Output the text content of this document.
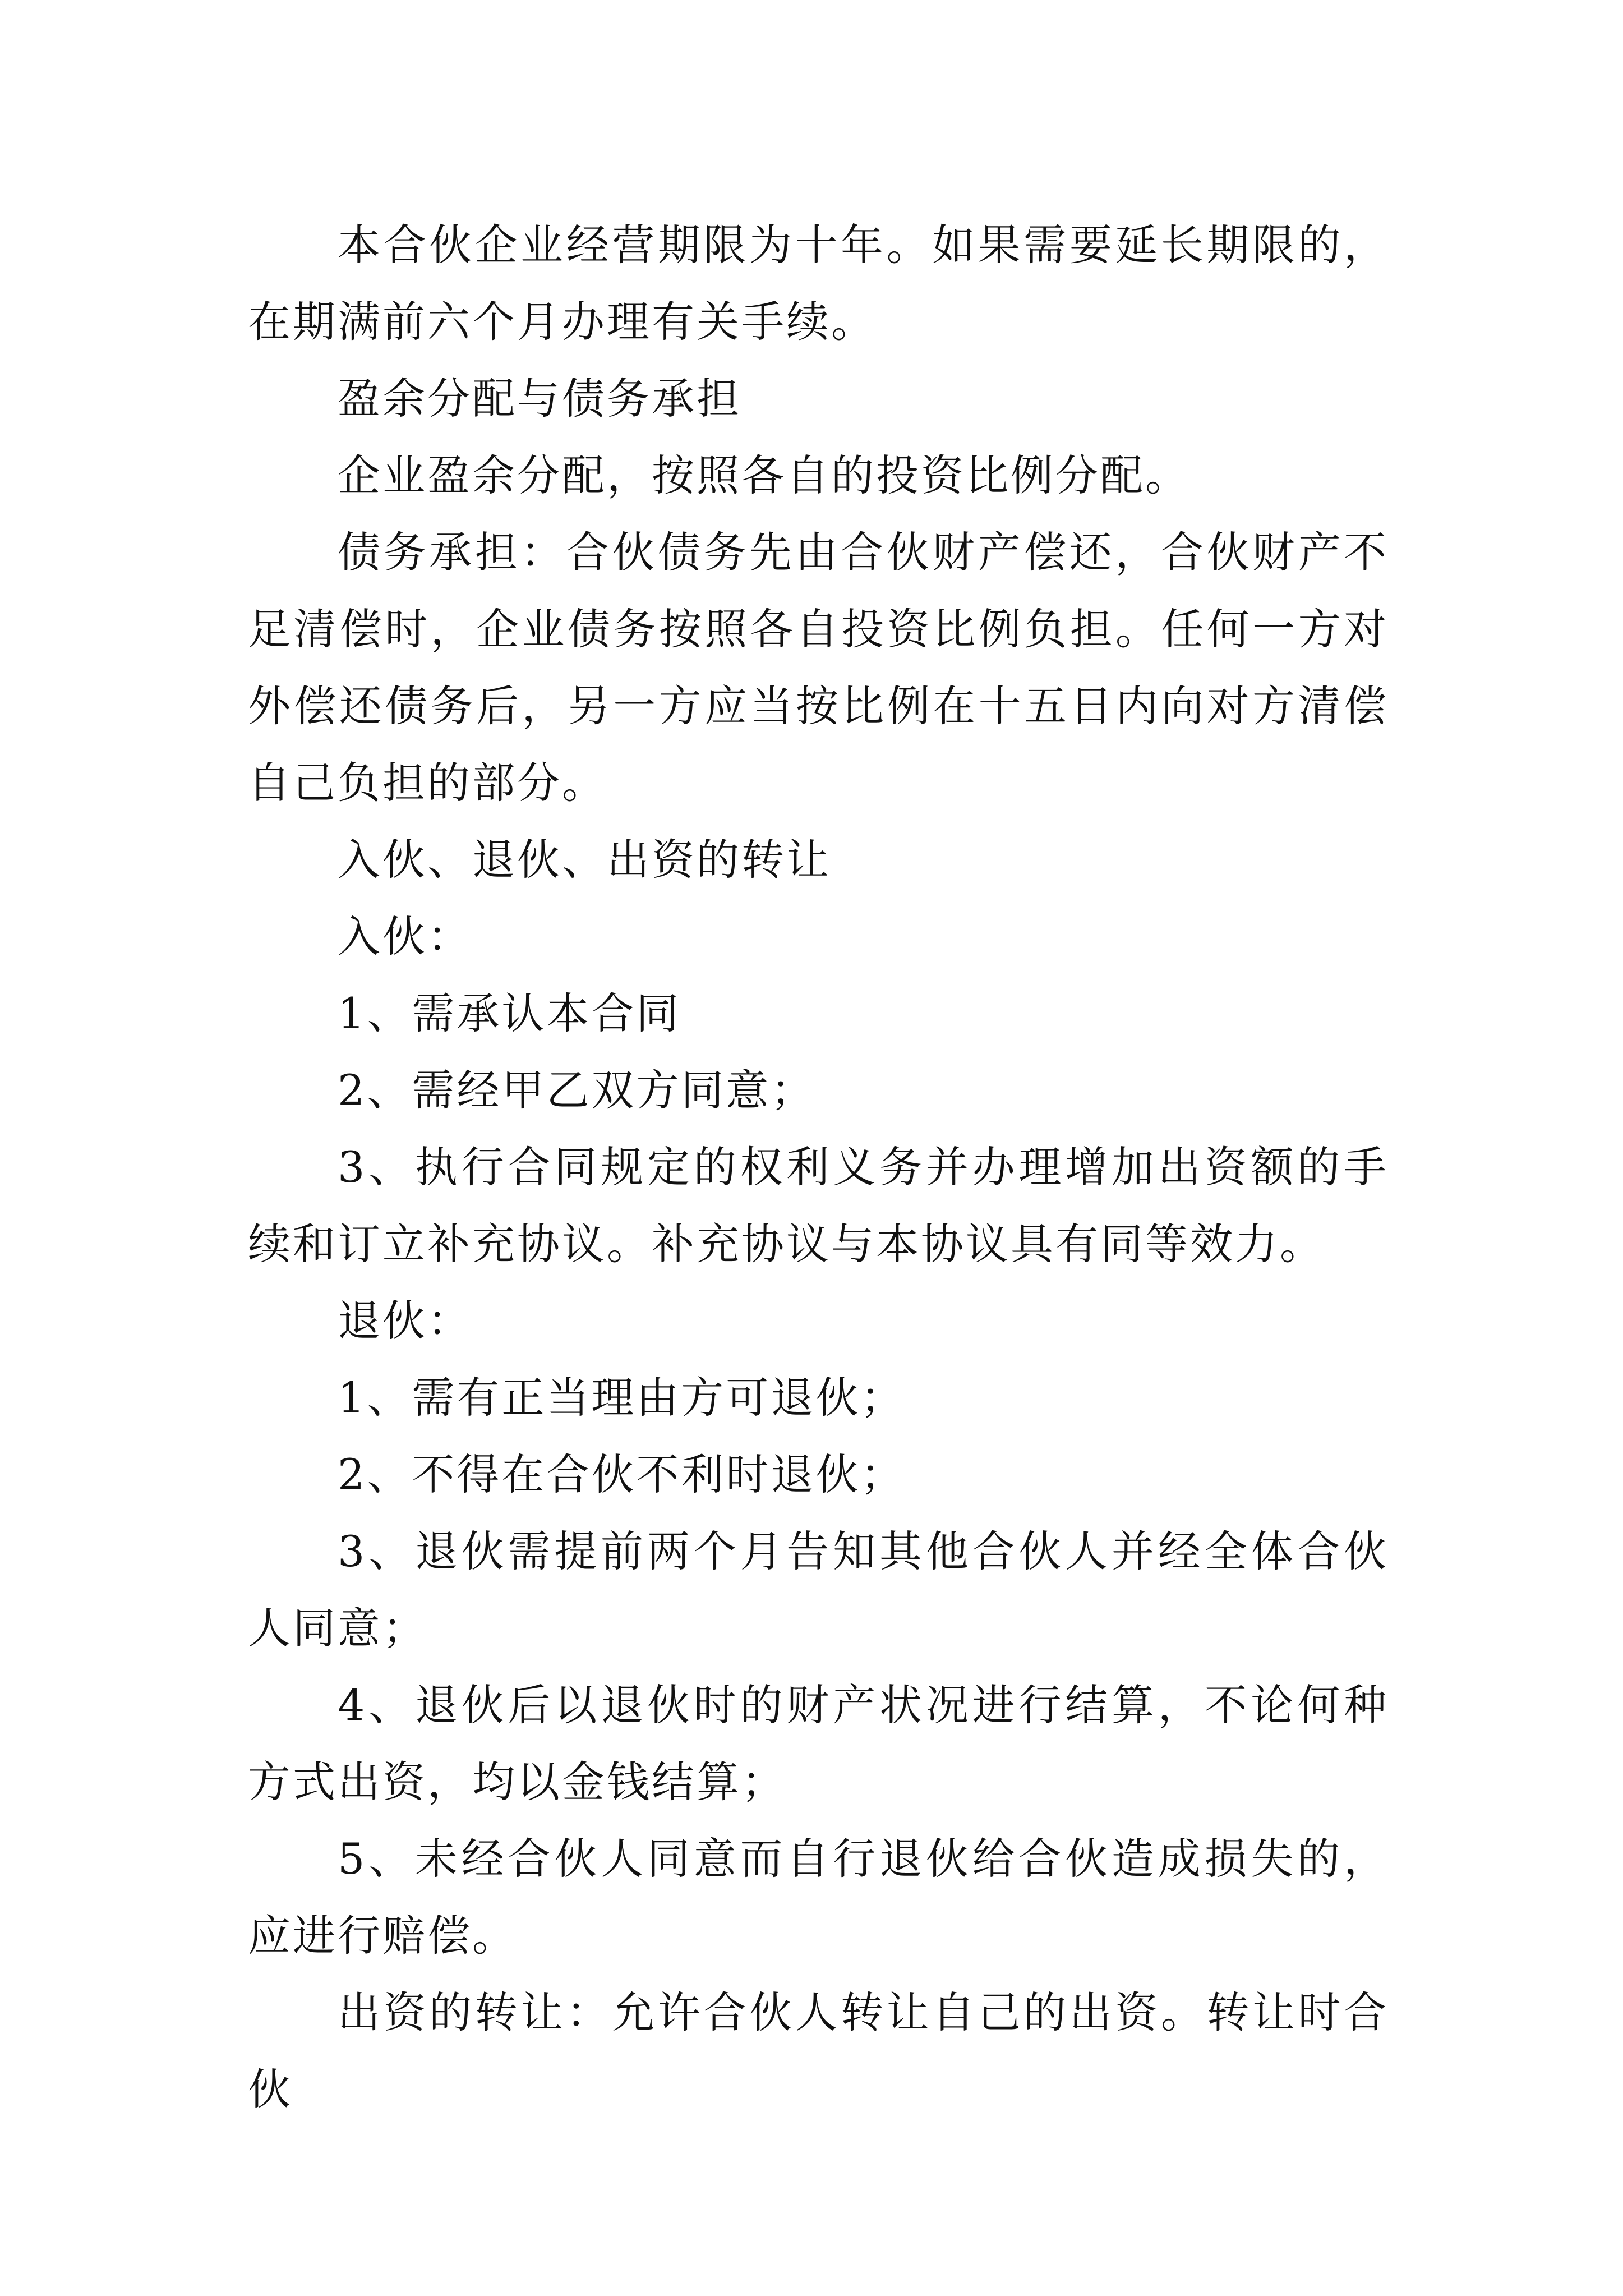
本合伙企业经营期限为十年。如果需要延长期限的，在期满前六个月办理有关手续。

盈余分配与债务承担

企业盈余分配，按照各自的投资比例分配。

债务承担：合伙债务先由合伙财产偿还，合伙财产不足清偿时，企业债务按照各自投资比例负担。任何一方对外偿还债务后，另一方应当按比例在十五日内向对方清偿自己负担的部分。

入伙、退伙、出资的转让

入伙：

1、需承认本合同

2、需经甲乙双方同意；

3、执行合同规定的权利义务并办理增加出资额的手续和订立补充协议。补充协议与本协议具有同等效力。

退伙：

1、需有正当理由方可退伙；

2、不得在合伙不利时退伙；

3、退伙需提前两个月告知其他合伙人并经全体合伙人同意；

4、退伙后以退伙时的财产状况进行结算，不论何种方式出资，均以金钱结算；

5、未经合伙人同意而自行退伙给合伙造成损失的，应进行赔偿。

出资的转让：允许合伙人转让自己的出资。转让时合伙
